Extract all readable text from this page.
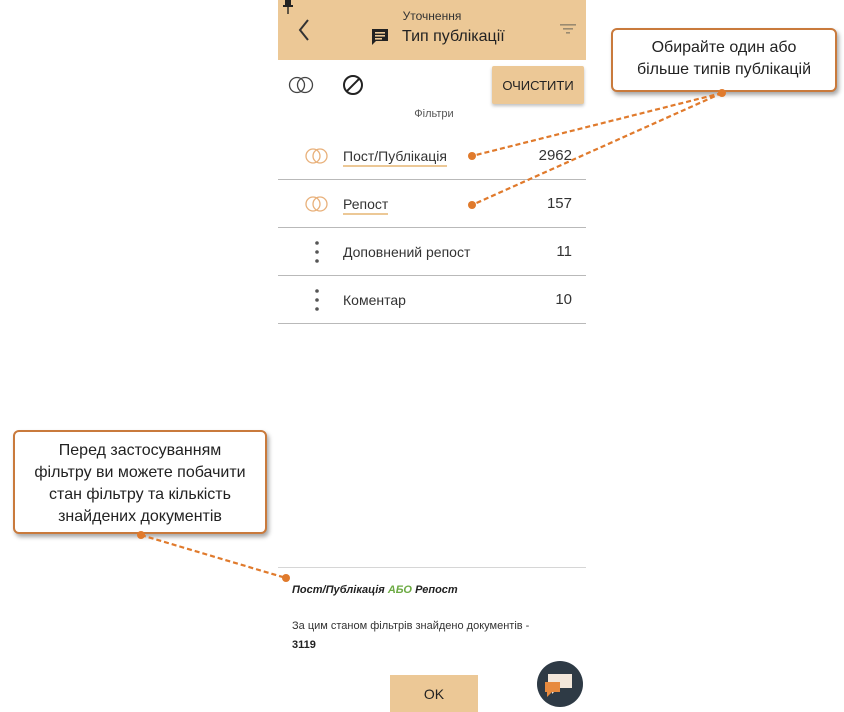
Уточнення
Тип публікації
ОЧИСТИТИ
Фільтри
Пост/Публікація	2962
Репост	157
Доповнений репост	11
Коментар	10
Пост/Публікація АБО Репост
За цим станом фільтрів знайдено документів - 3119
OK
Обирайте один або
більше типів публікацій
Перед застосуванням
фільтру ви можете побачити
стан фільтру та кількість
знайдених документів
